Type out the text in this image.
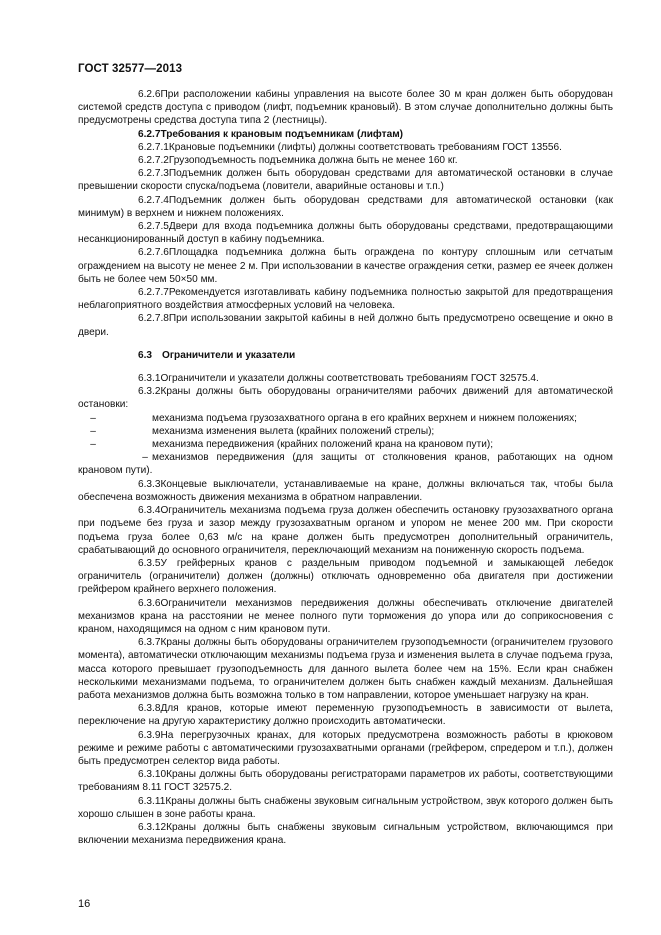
ГОСТ 32577—2013

6.2.6При расположении кабины управления на высоте более 30 м кран должен быть оборудован системой средств доступа с приводом (лифт, подъемник крановый). В этом случае дополнительно должны быть предусмотрены средства доступа типа 2 (лестницы).

6.2.7Требования к крановым подъемникам (лифтам)

6.2.7.1Крановые подъемники (лифты) должны соответствовать требованиям ГОСТ 13556.

6.2.7.2Грузоподъемность подъемника должна быть не менее 160 кг.

6.2.7.3Подъемник должен быть оборудован средствами для автоматической остановки в случае превышении скорости спуска/подъема (ловители, аварийные остановы и т.п.)

6.2.7.4Подъемник должен быть оборудован средствами для автоматической остановки (как минимум) в верхнем и нижнем положениях.

6.2.7.5Двери для входа подъемника должны быть оборудованы средствами, предотвращающими несанкционированный доступ в кабину подъемника.

6.2.7.6Площадка подъемника должна быть ограждена по контуру сплошным или сетчатым ограждением на высоту не менее 2 м. При использовании в качестве ограждения сетки, размер ее ячеек должен быть не более чем 50×50 мм.

6.2.7.7Рекомендуется изготавливать кабину подъемника полностью закрытой для предотвращения неблагоприятного воздействия атмосферных условий на человека.

6.2.7.8При использовании закрытой кабины в ней должно быть предусмотрено освещение и окно в двери.

6.3 Ограничители и указатели

6.3.1Ограничители и указатели должны соответствовать требованиям ГОСТ 32575.4.

6.3.2Краны должны быть оборудованы ограничителями рабочих движений для автоматической остановки:

–	механизма подъема грузозахватного органа в его крайних верхнем и нижнем положениях;

–	механизма изменения вылета (крайних положений стрелы);

–	механизма передвижения (крайних положений крана на крановом пути);

– механизмов передвижения (для защиты от столкновения кранов, работающих на одном крановом пути).

6.3.3Концевые выключатели, устанавливаемые на кране, должны включаться так, чтобы была обеспечена возможность движения механизма в обратном направлении.

6.3.4Ограничитель механизма подъема груза должен обеспечить остановку грузозахватного органа при подъеме без груза и зазор между грузозахватным органом и упором не менее 200 мм. При скорости подъема груза более 0,63 м/с на кране должен быть предусмотрен дополнительный ограничитель, срабатывающий до основного ограничителя, переключающий механизм на пониженную скорость подъема.

6.3.5У грейферных кранов с раздельным приводом подъемной и замыкающей лебедок ограничитель (ограничители) должен (должны) отключать одновременно оба двигателя при достижении грейфером крайнего верхнего положения.

6.3.6Ограничители механизмов передвижения должны обеспечивать отключение двигателей механизмов крана на расстоянии не менее полного пути торможения до упора или до соприкосновения с краном, находящимся на одном с ним крановом пути.

6.3.7Краны должны быть оборудованы ограничителем грузоподъемности (ограничителем грузового момента), автоматически отключающим механизмы подъема груза и изменения вылета в случае подъема груза, масса которого превышает грузоподъемность для данного вылета более чем на 15%. Если кран снабжен несколькими механизмами подъема, то ограничителем должен быть снабжен каждый механизм. Дальнейшая работа механизмов должна быть возможна только в том направлении, которое уменьшает нагрузку на кран.

6.3.8Для кранов, которые имеют переменную грузоподъемность в зависимости от вылета, переключение на другую характеристику должно происходить автоматически.

6.3.9На перегрузочных кранах, для которых предусмотрена возможность работы в крюковом режиме и режиме работы с автоматическими грузозахватными органами (грейфером, спредером и т.п.), должен быть предусмотрен селектор вида работы.

6.3.10Краны должны быть оборудованы регистраторами параметров их работы, соответствующими требованиям 8.11 ГОСТ 32575.2.

6.3.11Краны должны быть снабжены звуковым сигнальным устройством, звук которого должен быть хорошо слышен в зоне работы крана.

6.3.12Краны должны быть снабжены звуковым сигнальным устройством, включающимся при включении механизма передвижения крана.

16
